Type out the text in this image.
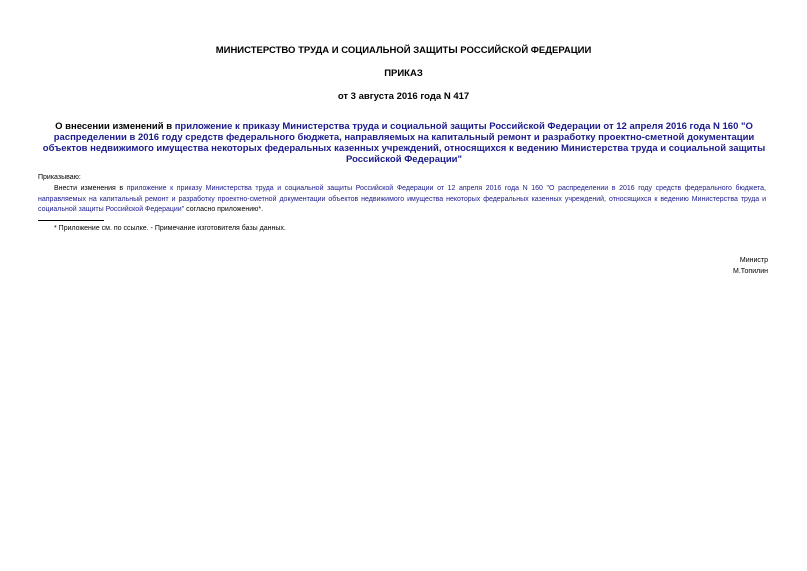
МИНИСТЕРСТВО ТРУДА И СОЦИАЛЬНОЙ ЗАЩИТЫ РОССИЙСКОЙ ФЕДЕРАЦИИ
ПРИКАЗ
от 3 августа 2016 года N 417
О внесении изменений в приложение к приказу Министерства труда и социальной защиты Российской Федерации от 12 апреля 2016 года N 160 "О распределении в 2016 году средств федерального бюджета, направляемых на капитальный ремонт и разработку проектно-сметной документации объектов недвижимого имущества некоторых федеральных казенных учреждений, относящихся к ведению Министерства труда и социальной защиты Российской Федерации"
Приказываю:
Внести изменения в приложение к приказу Министерства труда и социальной защиты Российской Федерации от 12 апреля 2016 года N 160 "О распределении в 2016 году средств федерального бюджета, направляемых на капитальный ремонт и разработку проектно-сметной документации объектов недвижимого имущества некоторых федеральных казенных учреждений, относящихся к ведению Министерства труда и социальной защиты Российской Федерации" согласно приложению*.
* Приложение см. по ссылке. - Примечание изготовителя базы данных.
Министр
М.Топилин
